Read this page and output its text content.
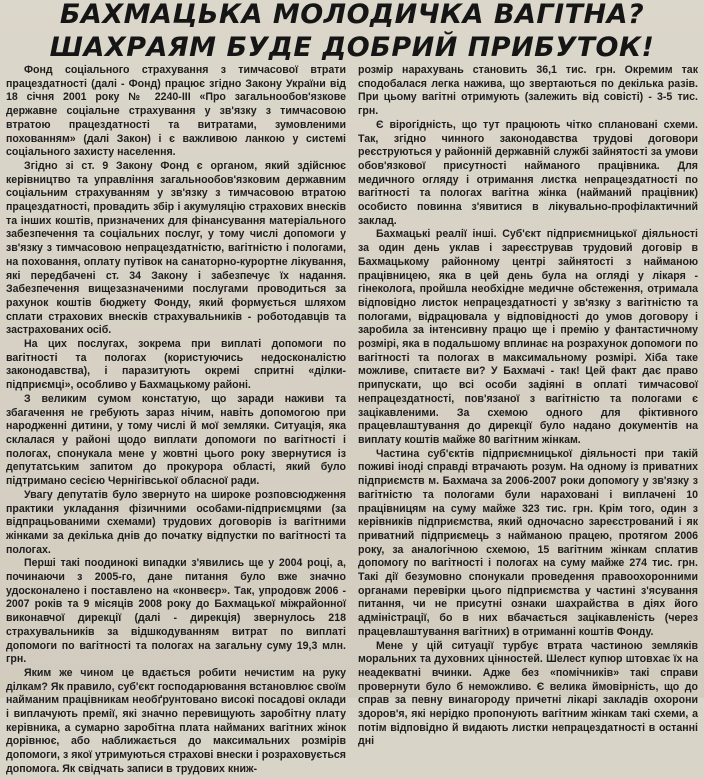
БАХМАЦЬКА МОЛОДИЧКА ВАГІТНА?
ШАХРАЯМ БУДЕ ДОБРИЙ ПРИБУТОК!

Фонд соціального страхування з тимчасової втрати працездатності (далі - Фонд) працює згідно Закону України від 18 січня 2001 року № 2240-ІІІ «Про загальнообов'язкове державне соціальне страхування у зв'язку з тимчасовою втратою працездатності та витратами, зумовленими похованням» (далі Закон) і є важливою ланкою у системі соціального захисту населення.

Згідно зі ст. 9 Закону Фонд є органом, який здійснює керівництво та управління загальнообов'язковим державним соціальним страхуванням у зв'язку з тимчасовою втратою працездатності, провадить збір і акумуляцію страхових внесків та інших коштів, призначених для фінансування матеріального забезпечення та соціальних послуг, у тому числі допомоги у зв'язку з тимчасовою непрацездатністю, вагітністю і пологами, на поховання, оплату путівок на санаторно-курортне лікування, які передбачені ст. 34 Закону і забезпечує їх надання. Забезпечення вищезазначеними послугами проводиться за рахунок коштів бюджету Фонду, який формується шляхом сплати страхових внесків страхувальників - роботодавців та застрахованих осіб.

На цих послугах, зокрема при виплаті допомоги по вагітності та пологах (користуючись недосконалістю законодавства), і паразитують окремі спритні «ділки-підприємці», особливо у Бахмацькому районі.

З великим сумом констатую, що заради наживи та збагачення не гребують зараз нічим, навіть допомогою при народженні дитини, у тому числі й мої земляки. Ситуація, яка склалася у районі щодо виплати допомоги по вагітності і пологах, спонукала мене у жовтні цього року звернутися із депутатським запитом до прокурора області, який було підтримано сесією Чернігівської обласної ради.

Увагу депутатів було звернуто на широке розповсюдження практики укладання фізичними особами-підприємцями (за відпрацьованими схемами) трудових договорів із вагітними жінками за декілька днів до початку відпустки по вагітності та пологах.

Перші такі поодинокі випадки з'явились ще у 2004 році, а, починаючи з 2005-го, дане питання було вже значно удосконалено і поставлено на «конвеєр». Так, упродовж 2006 - 2007 років та 9 місяців 2008 року до Бахмацької міжрайонної виконавчої дирекції (далі - дирекція) звернулось 218 страхувальників за відшкодуванням витрат по виплаті допомоги по вагітності та пологах на загальну суму 19,3 млн. грн.

Яким же чином це вдається робити нечистим на руку ділкам? Як правило, суб'єкт господарювання встановлює своїм найманим працівникам необґрунтовано високі посадові оклади і виплачують премії, які значно перевищують заробітну плату керівника, а сумарно заробітна плата найманих вагітних жінок дорівнює, або наближається до максимальних розмірів допомоги, з якої утримуються страхові внески і розраховується допомога. Як свідчать записи в трудових книж-

розмір нарахувань становить 36,1 тис. грн. Окремим так сподобалася легка нажива, що звертаються по декілька разів. При цьому вагітні отримують (залежить від совісті) - 3-5 тис. грн.

Є вірогідність, що тут працюють чітко сплановані схеми. Так, згідно чинного законодавства трудові договори реєструються у районній державній службі зайнятості за умови обов'язкової присутності найманого працівника. Для медичного огляду і отримання листка непрацездатності по вагітності та пологах вагітна жінка (найманий працівник) особисто повинна з'явитися в лікувально-профілактичний заклад.

Бахмацькі реалії інші. Суб'єкт підприємницької діяльності за один день уклав і зареєстрував трудовий договір в Бахмацькому районному центрі зайнятості з найманою працівницею, яка в цей день була на огляді у лікаря - гінеколога, пройшла необхідне медичне обстеження, отримала відповідно листок непрацездатності у зв'язку з вагітністю та пологами, відрацювала у відповідності до умов договору і заробила за інтенсивну працю ще і премію у фантастичному розмірі, яка в подальшому вплинає на розрахунок допомоги по вагітності та пологах в максимальному розмірі. Хіба таке можливе, спитаєте ви? У Бахмачі - так! Цей факт дає право припускати, що всі особи задіяні в оплаті тимчасової непрацездатності, пов'язаної з вагітністю та пологами є зацікавленими. За схемою одного для фіктивного працевлаштування до дирекції було надано документів на виплату коштів майже 80 вагітним жінкам.

Частина суб'єктів підприємницької діяльності при такій поживі іноді справді втрачають розум. На одному із приватних підприємств м. Бахмача за 2006-2007 роки допомогу у зв'язку з вагітністю та пологами були нараховані і виплачені 10 працівницям на суму майже 323 тис. грн. Крім того, один з керівників підприємства, який одночасно зареєстрований і як приватний підприємець з найманою працею, протягом 2006 року, за аналогічною схемою, 15 вагітним жінкам сплатив допомогу по вагітності і пологах на суму майже 274 тис. грн. Такі дії безумовно спонукали проведення правоохоронними органами перевірки цього підприємства у частині з'ясування питання, чи не присутні ознаки шахрайства в діях його адміністрації, бо в них вбачається зацікавленість (через працевлаштування вагітних) в отриманні коштів Фонду.

Мене у цій ситуації турбує втрата частиною земляків моральних та духовних цінностей. Шелест купюр штовхає їх на неадекватні вчинки. Адже без «помічників» такі справи провернути було б неможливо. Є велика ймовірність, що до справ за певну винагороду причетні лікарі закладів охорони здоров'я, які нерідко пропонують вагітним жінкам такі схеми, а потім відповідно й видають листки непрацездатності в останні дні
